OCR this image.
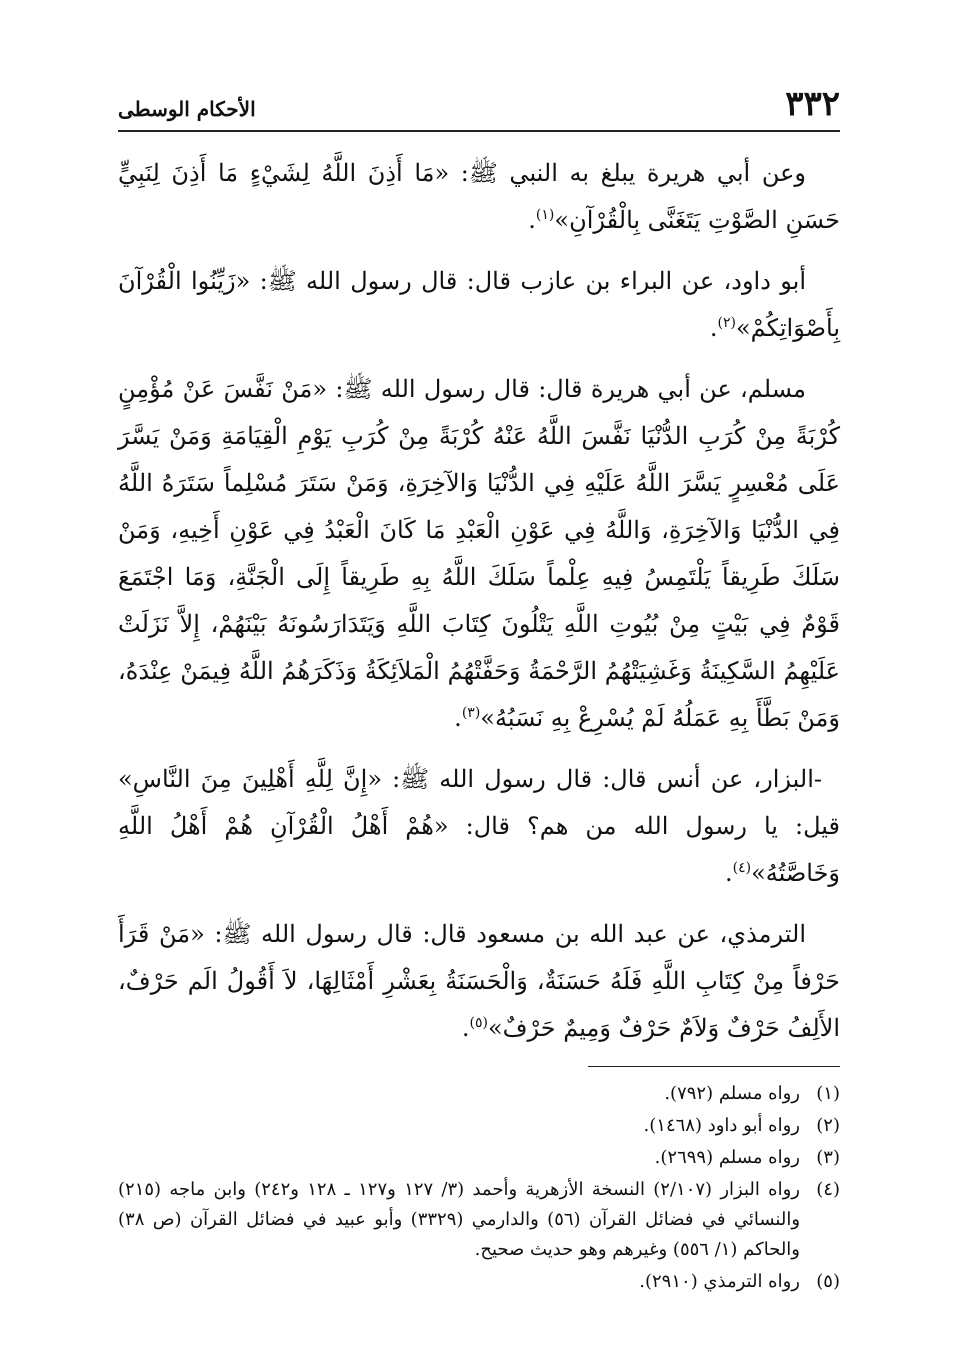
٣٣٢
الأحكام الوسطى

وعن أبي هريرة يبلغ به النبي ﷺ: «مَا أَذِنَ اللَّهُ لِشَيْءٍ مَا أَذِنَ لِنَبِيٍّ حَسَنِ الصَّوْتِ يَتَغَنَّى بِالْقُرْآنِ»$^{(١)}$.

أبو داود، عن البراء بن عازب قال: قال رسول الله ﷺ: «زَيِّنُوا الْقُرْآنَ بِأَصْوَاتِكُمْ»$^{(٢)}$.

مسلم، عن أبي هريرة قال: قال رسول الله ﷺ: «مَنْ نَفَّسَ عَنْ مُؤْمِنٍ كُرْبَةً مِنْ كُرَبِ الدُّنْيَا نَفَّسَ اللَّهُ عَنْهُ كُرْبَةً مِنْ كُرَبِ يَوْمِ الْقِيَامَةِ وَمَنْ يَسَّرَ عَلَى مُعْسِرٍ يَسَّرَ اللَّهُ عَلَيْهِ فِي الدُّنْيَا وَالآخِرَةِ، وَمَنْ سَتَرَ مُسْلِماً سَتَرَهُ اللَّهُ فِي الدُّنْيَا وَالآخِرَةِ، وَاللَّهُ فِي عَوْنِ الْعَبْدِ مَا كَانَ الْعَبْدُ فِي عَوْنِ أَخِيهِ، وَمَنْ سَلَكَ طَرِيقاً يَلْتَمِسُ فِيهِ عِلْماً سَلَكَ اللَّهُ بِهِ طَرِيقاً إِلَى الْجَنَّةِ، وَمَا اجْتَمَعَ قَوْمٌ فِي بَيْتٍ مِنْ بُيُوتِ اللَّهِ يَتْلُونَ كِتَابَ اللَّهِ وَيَتَدَارَسُونَهُ بَيْنَهُمْ، إِلاَّ نَزَلَتْ عَلَيْهِمُ السَّكِينَةُ وَغَشِيَتْهُمُ الرَّحْمَةُ وَحَفَّتْهُمُ الْمَلاَئِكَةُ وَذَكَرَهُمُ اللَّهُ فِيمَنْ عِنْدَهُ، وَمَنْ بَطَّأَ بِهِ عَمَلُهُ لَمْ يُسْرِعْ بِهِ نَسَبُهُ»$^{(٣)}$.

-البزار، عن أنس قال: قال رسول الله ﷺ: «إِنَّ لِلَّهِ أَهْلِينَ مِنَ النَّاسِ» قيل: يا رسول الله من هم؟ قال: «هُمْ أَهْلُ الْقُرْآنِ هُمْ أَهْلُ اللَّهِ وَخَاصَّتُهُ»$^{(٤)}$.

الترمذي، عن عبد الله بن مسعود قال: قال رسول الله ﷺ: «مَنْ قَرَأَ حَرْفاً مِنْ كِتَابِ اللَّهِ فَلَهُ حَسَنَةٌ، وَالْحَسَنَةُ بِعَشْرِ أَمْثَالِهَا، لاَ أَقُولُ الَم حَرْفٌ، الأَلِفُ حَرْفٌ وَلاَمٌ حَرْفٌ وَمِيمٌ حَرْفٌ»$^{(٥)}$.

(١)
رواه مسلم (٧٩٢).
(٢)
رواه أبو داود (١٤٦٨).
(٣)
رواه مسلم (٢٦٩٩).
(٤)
رواه البزار (٢/١٠٧) النسخة الأزهرية وأحمد (٣/ ١٢٧ و١٢٧ ـ ١٢٨ و٢٤٢) وابن ماجه (٢١٥) والنسائي في فضائل القرآن (٥٦) والدارمي (٣٣٢٩) وأبو عبيد في فضائل القرآن (ص ٣٨) والحاكم (١/ ٥٥٦) وغيرهم وهو حديث صحيح.
(٥)
رواه الترمذي (٢٩١٠).
